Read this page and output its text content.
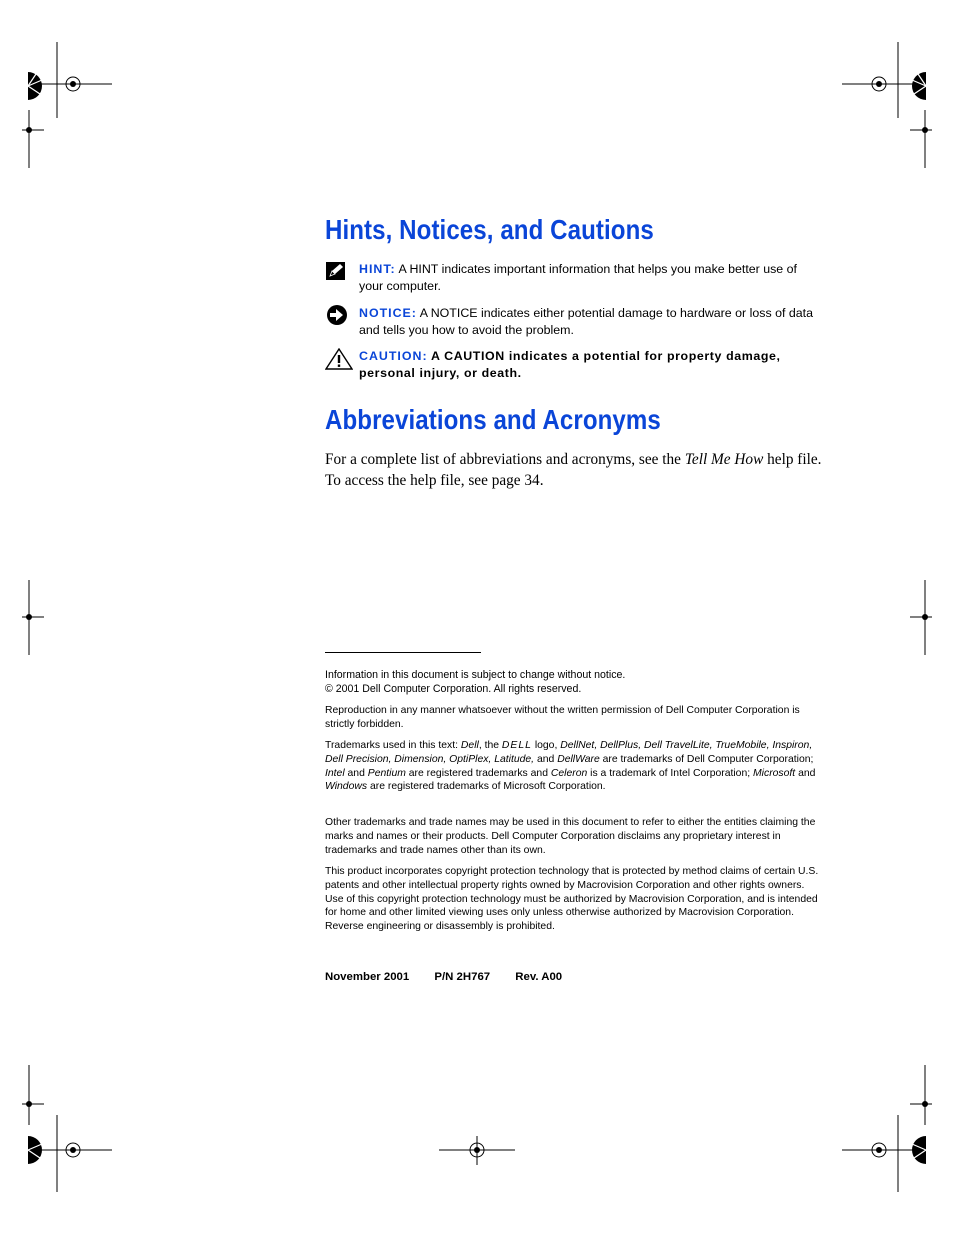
Hints, Notices, and Cautions
HINT: A HINT indicates important information that helps you make better use of your computer.
NOTICE: A NOTICE indicates either potential damage to hardware or loss of data and tells you how to avoid the problem.
CAUTION: A CAUTION indicates a potential for property damage, personal injury, or death.
Abbreviations and Acronyms
For a complete list of abbreviations and acronyms, see the Tell Me How help file. To access the help file, see page 34.

Information in this document is subject to change without notice.

© 2001 Dell Computer Corporation. All rights reserved.

Reproduction in any manner whatsoever without the written permission of Dell Computer Corporation is strictly forbidden.

Trademarks used in this text: Dell, the DELL logo, DellNet, DellPlus, Dell TravelLite, TrueMobile, Inspiron, Dell Precision, Dimension, OptiPlex, Latitude, and DellWare are trademarks of Dell Computer Corporation; Intel and Pentium are registered trademarks and Celeron is a trademark of Intel Corporation; Microsoft and Windows are registered trademarks of Microsoft Corporation.

Other trademarks and trade names may be used in this document to refer to either the entities claiming the marks and names or their products. Dell Computer Corporation disclaims any proprietary interest in trademarks and trade names other than its own.

This product incorporates copyright protection technology that is protected by method claims of certain U.S. patents and other intellectual property rights owned by Macrovision Corporation and other rights owners. Use of this copyright protection technology must be authorized by Macrovision Corporation, and is intended for home and other limited viewing uses only unless otherwise authorized by Macrovision Corporation. Reverse engineering or disassembly is prohibited.

November 2001 P/N 2H767 Rev. A00
